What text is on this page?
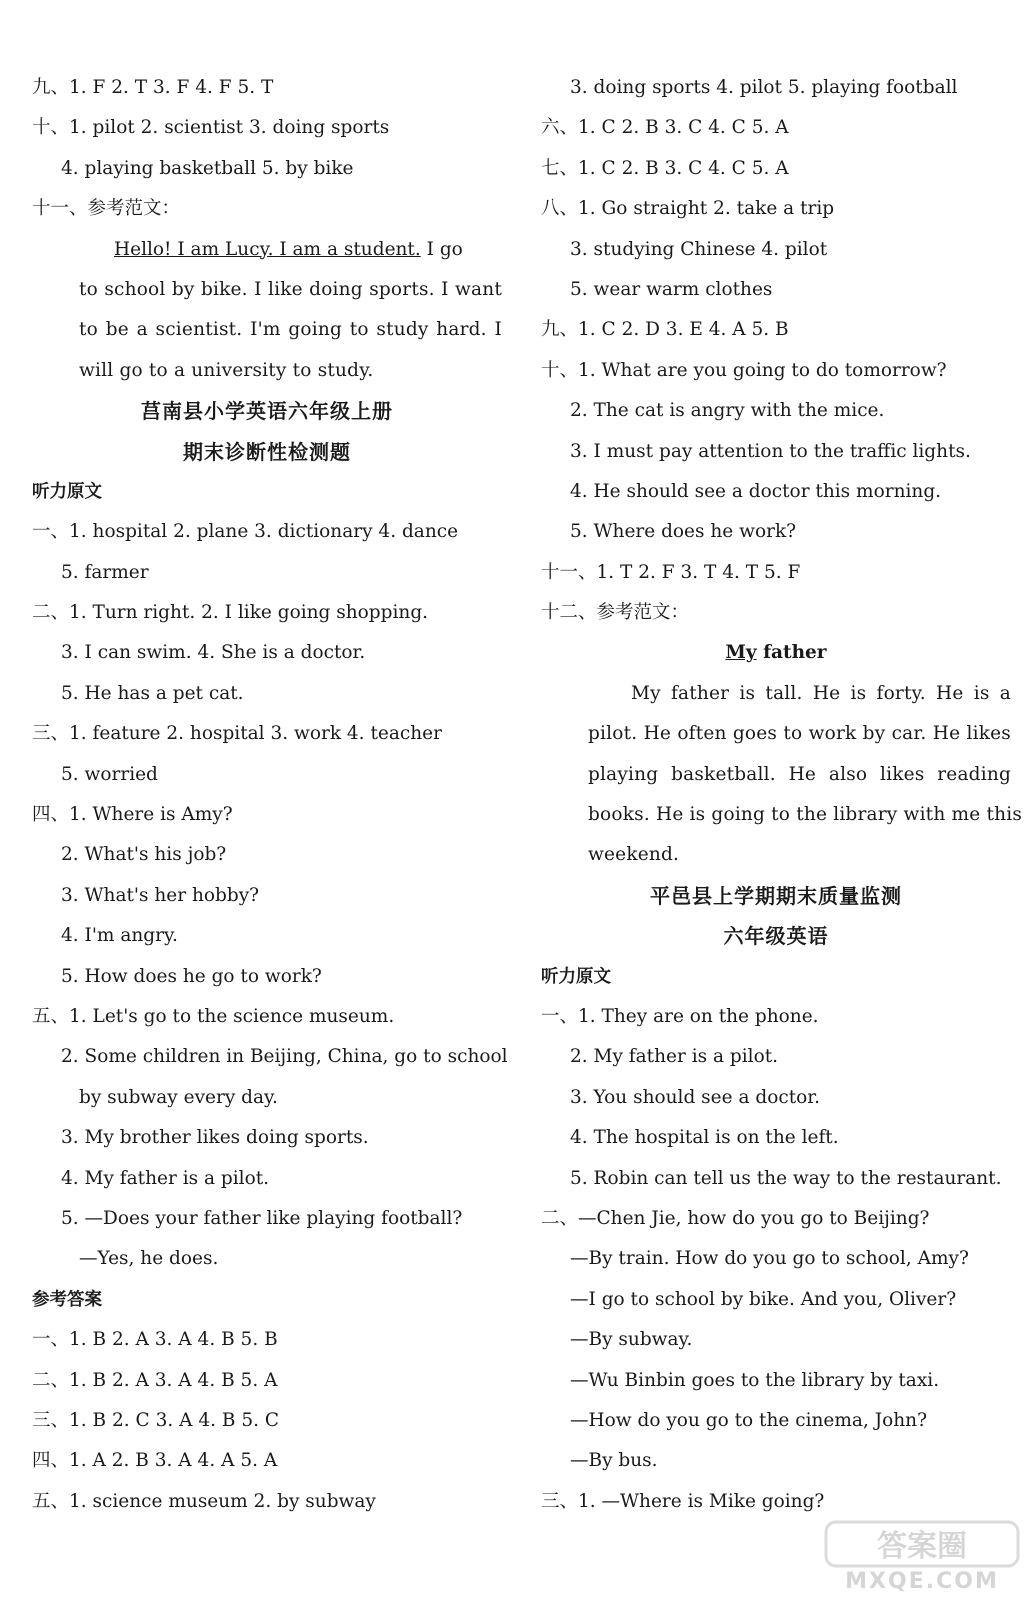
九、1. F 2. T 3. F 4. F 5. T
十、1. pilot 2. scientist 3. doing sports
4. playing basketball 5. by bike
十一、参考范文：
Hello! I am Lucy. I am a student. I go
to school by bike. I like doing sports. I want
to be a scientist. I'm going to study hard. I
will go to a university to study.
莒南县小学英语六年级上册
期末诊断性检测题
听力原文
一、1. hospital 2. plane 3. dictionary 4. dance
5. farmer
二、1. Turn right. 2. I like going shopping.
3. I can swim. 4. She is a doctor.
5. He has a pet cat.
三、1. feature 2. hospital 3. work 4. teacher
5. worried
四、1. Where is Amy?
2. What's his job?
3. What's her hobby?
4. I'm angry.
5. How does he go to work?
五、1. Let's go to the science museum.
2. Some children in Beijing, China, go to school
by subway every day.
3. My brother likes doing sports.
4. My father is a pilot.
5. —Does your father like playing football?
—Yes, he does.
参考答案
一、1. B 2. A 3. A 4. B 5. B
二、1. B 2. A 3. A 4. B 5. A
三、1. B 2. C 3. A 4. B 5. C
四、1. A 2. B 3. A 4. A 5. A
五、1. science museum 2. by subway
3. doing sports 4. pilot 5. playing football
六、1. C 2. B 3. C 4. C 5. A
七、1. C 2. B 3. C 4. C 5. A
八、1. Go straight 2. take a trip
3. studying Chinese 4. pilot
5. wear warm clothes
九、1. C 2. D 3. E 4. A 5. B
十、1. What are you going to do tomorrow?
2. The cat is angry with the mice.
3. I must pay attention to the traffic lights.
4. He should see a doctor this morning.
5. Where does he work?
十一、1. T 2. F 3. T 4. T 5. F
十二、参考范文：
My father
My father is tall. He is forty. He is a
pilot. He often goes to work by car. He likes
playing basketball. He also likes reading
books. He is going to the library with me this
weekend.
平邑县上学期期末质量监测
六年级英语
听力原文
一、1. They are on the phone.
2. My father is a pilot.
3. You should see a doctor.
4. The hospital is on the left.
5. Robin can tell us the way to the restaurant.
二、—Chen Jie, how do you go to Beijing?
—By train. How do you go to school, Amy?
—I go to school by bike. And you, Oliver?
—By subway.
—Wu Binbin goes to the library by taxi.
—How do you go to the cinema, John?
—By bus.
三、1. —Where is Mike going?
答案圈
MXQE.COM
